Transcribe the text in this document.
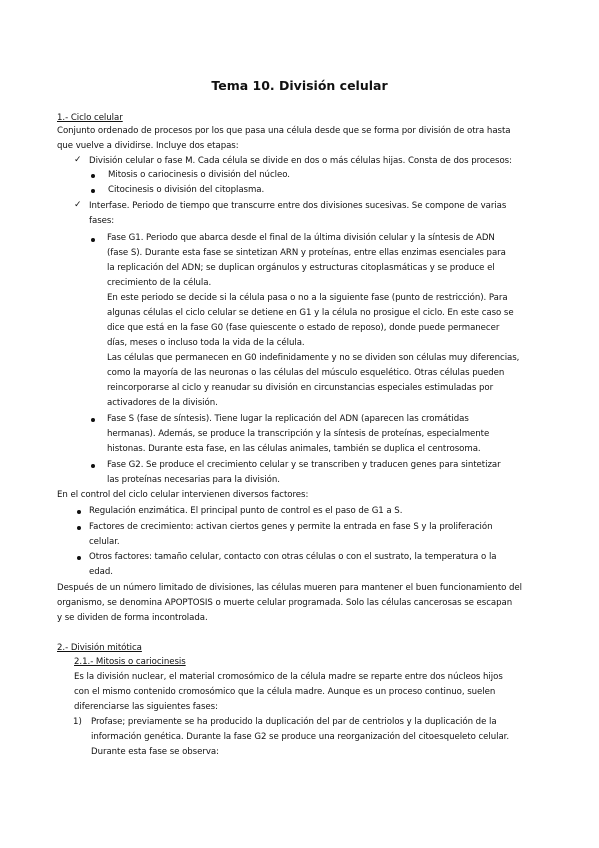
Tema 10. División celular
1.- Ciclo celular
Conjunto ordenado de procesos por los que pasa una célula desde que se forma por división de otra hasta
que vuelve a dividirse. Incluye dos etapas:
✓ División celular o fase M. Cada célula se divide en dos o más células hijas. Consta de dos procesos:
Mitosis o cariocinesis o división del núcleo.
Citocinesis o división del citoplasma.
✓ Interfase. Periodo de tiempo que transcurre entre dos divisiones sucesivas. Se compone de varias
fases:
Fase G1. Periodo que abarca desde el final de la última división celular y la síntesis de ADN
(fase S). Durante esta fase se sintetizan ARN y proteínas, entre ellas enzimas esenciales para
la replicación del ADN; se duplican orgánulos y estructuras citoplasmáticas y se produce el
crecimiento de la célula.
En este periodo se decide si la célula pasa o no a la siguiente fase (punto de restricción). Para
algunas células el ciclo celular se detiene en G1 y la célula no prosigue el ciclo. En este caso se
dice que está en la fase G0 (fase quiescente o estado de reposo), donde puede permanecer
días, meses o incluso toda la vida de la célula.
Las células que permanecen en G0 indefinidamente y no se dividen son células muy diferencias,
como la mayoría de las neuronas o las células del músculo esquelético. Otras células pueden
reincorporarse al ciclo y reanudar su división en circunstancias especiales estimuladas por
activadores de la división.
Fase S (fase de síntesis). Tiene lugar la replicación del ADN (aparecen las cromátidas
hermanas). Además, se produce la transcripción y la síntesis de proteínas, especialmente
histonas. Durante esta fase, en las células animales, también se duplica el centrosoma.
Fase G2. Se produce el crecimiento celular y se transcriben y traducen genes para sintetizar
las proteínas necesarias para la división.
En el control del ciclo celular intervienen diversos factores:
Regulación enzimática. El principal punto de control es el paso de G1 a S.
Factores de crecimiento: activan ciertos genes y permite la entrada en fase S y la proliferación
celular.
Otros factores: tamaño celular, contacto con otras células o con el sustrato, la temperatura o la
edad.
Después de un número limitado de divisiones, las células mueren para mantener el buen funcionamiento del
organismo, se denomina APOPTOSIS o muerte celular programada. Solo las células cancerosas se escapan
y se dividen de forma incontrolada.
2.- División mitótica
2.1.- Mitosis o cariocinesis
Es la división nuclear, el material cromosómico de la célula madre se reparte entre dos núcleos hijos
con el mismo contenido cromosómico que la célula madre. Aunque es un proceso continuo, suelen
diferenciarse las siguientes fases:
1) Profase; previamente se ha producido la duplicación del par de centriolos y la duplicación de la
información genética. Durante la fase G2 se produce una reorganización del citoesqueleto celular.
Durante esta fase se observa:
